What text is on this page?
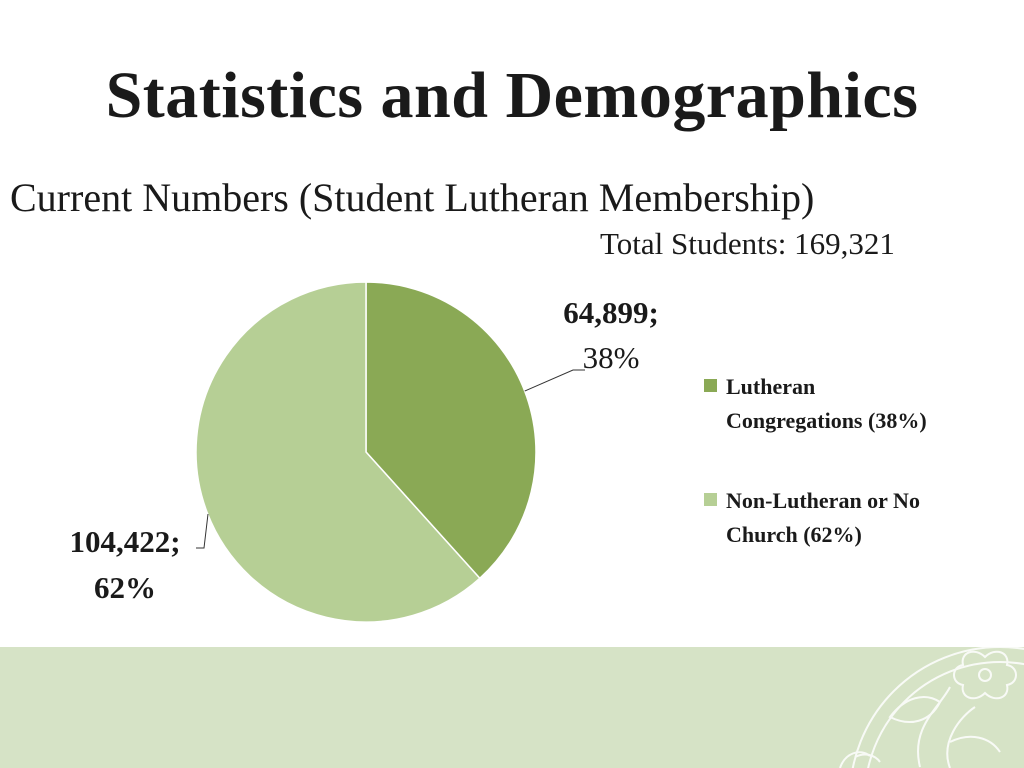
Statistics and Demographics
Current Numbers (Student Lutheran Membership)
Total Students: 169,321
64,899;
38%
104,422;
62%
Lutheran
Congregations (38%)
Non-Lutheran or No
Church (62%)
